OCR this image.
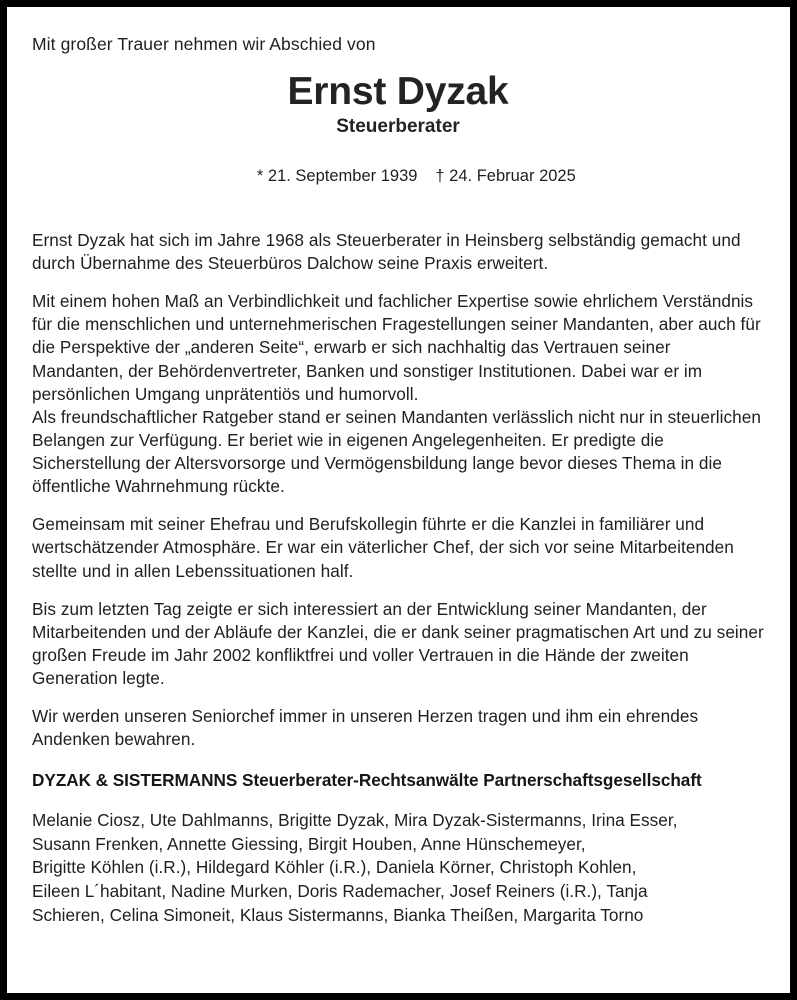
Mit großer Trauer nehmen wir Abschied von

Ernst Dyzak
Steuerberater

* 21. September 1939 † 24. Februar 2025

Ernst Dyzak hat sich im Jahre 1968 als Steuerberater in Heinsberg selbständig gemacht und durch Übernahme des Steuerbüros Dalchow seine Praxis erweitert.

Mit einem hohen Maß an Verbindlichkeit und fachlicher Expertise sowie ehrlichem Verständnis für die menschlichen und unternehmerischen Fragestellungen seiner Mandanten, aber auch für die Perspektive der „anderen Seite“, erwarb er sich nachhaltig das Vertrauen seiner Mandanten, der Behördenvertreter, Banken und sonstiger Institutionen. Dabei war er im persönlichen Umgang unprätentiös und humorvoll.

Als freundschaftlicher Ratgeber stand er seinen Mandanten verlässlich nicht nur in steuerlichen Belangen zur Verfügung. Er beriet wie in eigenen Angelegenheiten. Er predigte die Sicherstellung der Altersvorsorge und Vermögensbildung lange bevor dieses Thema in die öffentliche Wahrnehmung rückte.

Gemeinsam mit seiner Ehefrau und Berufskollegin führte er die Kanzlei in familiärer und wertschätzender Atmosphäre. Er war ein väterlicher Chef, der sich vor seine Mitarbeitenden stellte und in allen Lebenssituationen half.

Bis zum letzten Tag zeigte er sich interessiert an der Entwicklung seiner Mandanten, der Mitarbeitenden und der Abläufe der Kanzlei, die er dank seiner pragmatischen Art und zu seiner großen Freude im Jahr 2002 konfliktfrei und voller Vertrauen in die Hände der zweiten Generation legte.

Wir werden unseren Seniorchef immer in unseren Herzen tragen und ihm ein ehrendes Andenken bewahren.

DYZAK & SISTERMANNS Steuerberater-Rechtsanwälte Partnerschaftsgesellschaft

Melanie Ciosz, Ute Dahlmanns, Brigitte Dyzak, Mira Dyzak-Sistermanns, Irina Esser,
Susann Frenken, Annette Giessing, Birgit Houben, Anne Hünschemeyer,
Brigitte Köhlen (i.R.), Hildegard Köhler (i.R.), Daniela Körner, Christoph Kohlen,
Eileen L´habitant, Nadine Murken, Doris Rademacher, Josef Reiners (i.R.), Tanja
Schieren, Celina Simoneit, Klaus Sistermanns, Bianka Theißen, Margarita Torno
